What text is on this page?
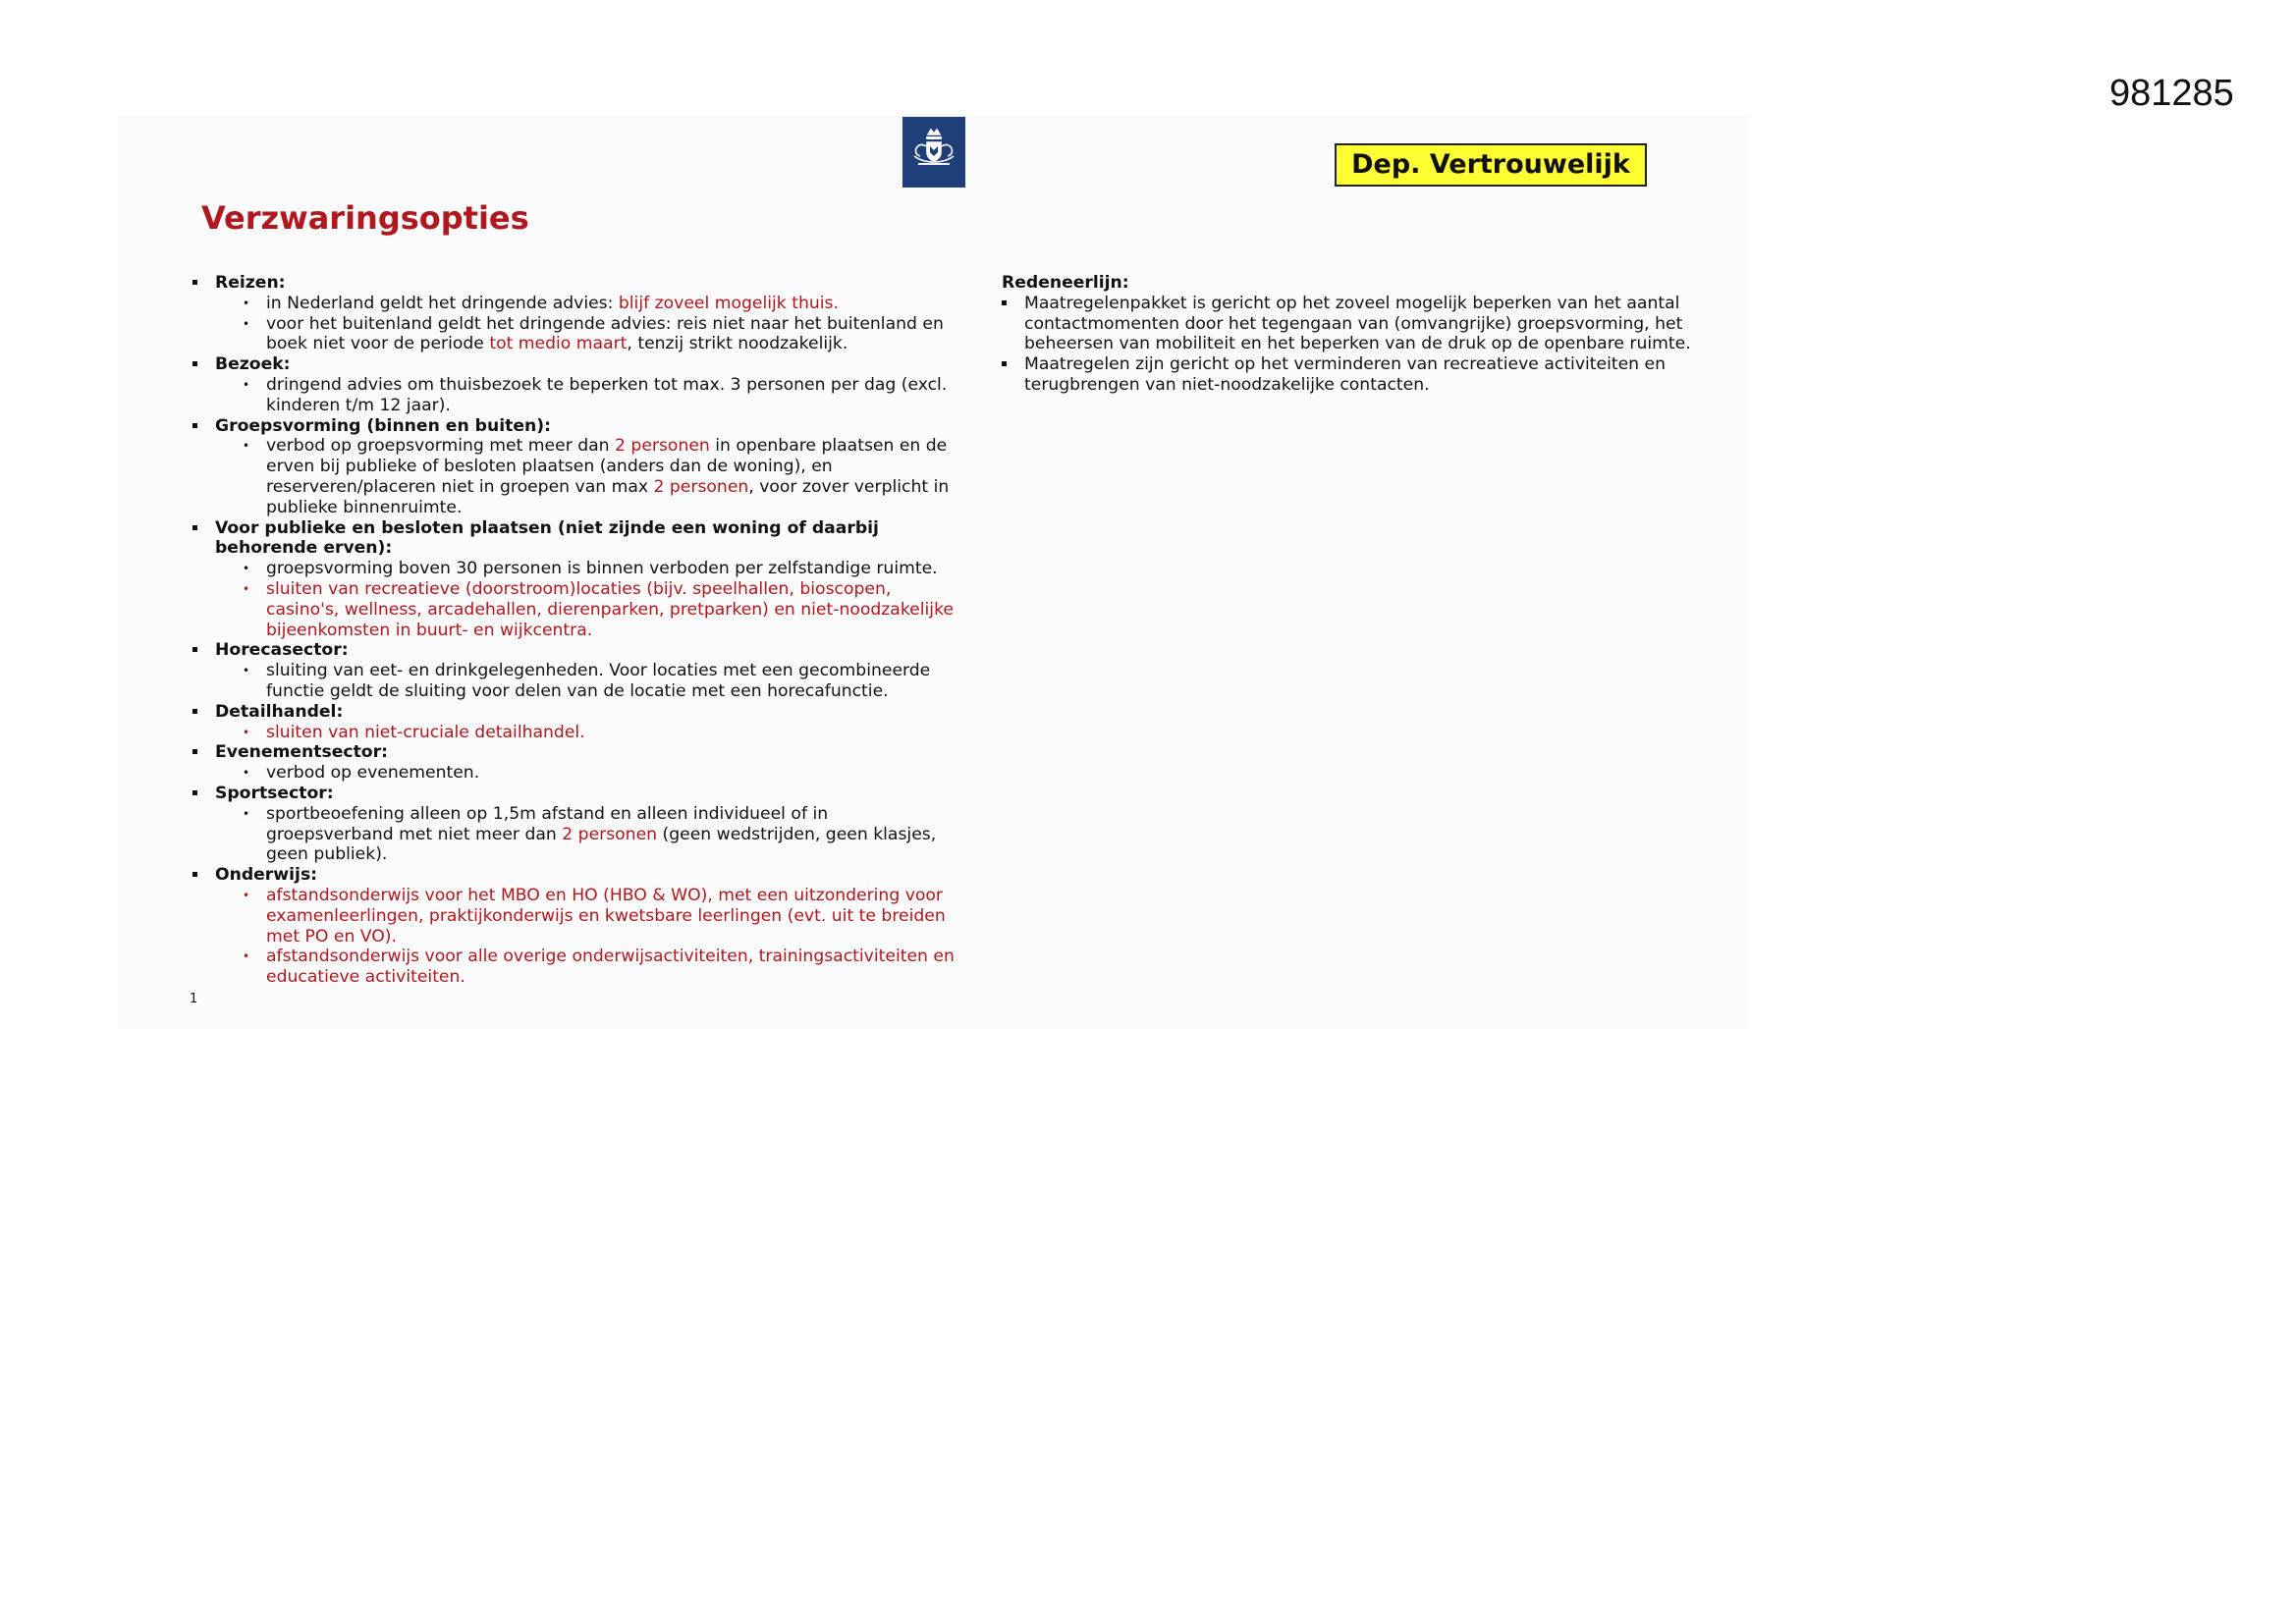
981285
Dep. Vertrouwelijk
Verzwaringsopties
Reizen:
• in Nederland geldt het dringende advies: blijf zoveel mogelijk thuis.
• voor het buitenland geldt het dringende advies: reis niet naar het buitenland en boek niet voor de periode tot medio maart, tenzij strikt noodzakelijk.
Bezoek:
• dringend advies om thuisbezoek te beperken tot max. 3 personen per dag (excl. kinderen t/m 12 jaar).
Groepsvorming (binnen en buiten):
• verbod op groepsvorming met meer dan 2 personen in openbare plaatsen en de erven bij publieke of besloten plaatsen (anders dan de woning), en reserveren/placeren niet in groepen van max 2 personen, voor zover verplicht in publieke binnenruimte.
Voor publieke en besloten plaatsen (niet zijnde een woning of daarbij behorende erven):
• groepsvorming boven 30 personen is binnen verboden per zelfstandige ruimte.
• sluiten van recreatieve (doorstroom)locaties (bijv. speelhallen, bioscopen, casino's, wellness, arcadehallen, dierenparken, pretparken) en niet-noodzakelijke bijeenkomsten in buurt- en wijkcentra.
Horecasector:
• sluiting van eet- en drinkgelegenheden. Voor locaties met een gecombineerde functie geldt de sluiting voor delen van de locatie met een horecafunctie.
Detailhandel:
• sluiten van niet-cruciale detailhandel.
Evenementsector:
• verbod op evenementen.
Sportsector:
• sportbeoefening alleen op 1,5m afstand en alleen individueel of in groepsverband met niet meer dan 2 personen (geen wedstrijden, geen klasjes, geen publiek).
Onderwijs:
• afstandsonderwijs voor het MBO en HO (HBO & WO), met een uitzondering voor examenleerlingen, praktijkonderwijs en kwetsbare leerlingen (evt. uit te breiden met PO en VO).
• afstandsonderwijs voor alle overige onderwijsactiviteiten, trainingsactiviteiten en educatieve activiteiten.
Redeneerlijn:
Maatregelenpakket is gericht op het zoveel mogelijk beperken van het aantal contactmomenten door het tegengaan van (omvangrijke) groepsvorming, het beheersen van mobiliteit en het beperken van de druk op de openbare ruimte.
Maatregelen zijn gericht op het verminderen van recreatieve activiteiten en terugbrengen van niet-noodzakelijke contacten.
1
